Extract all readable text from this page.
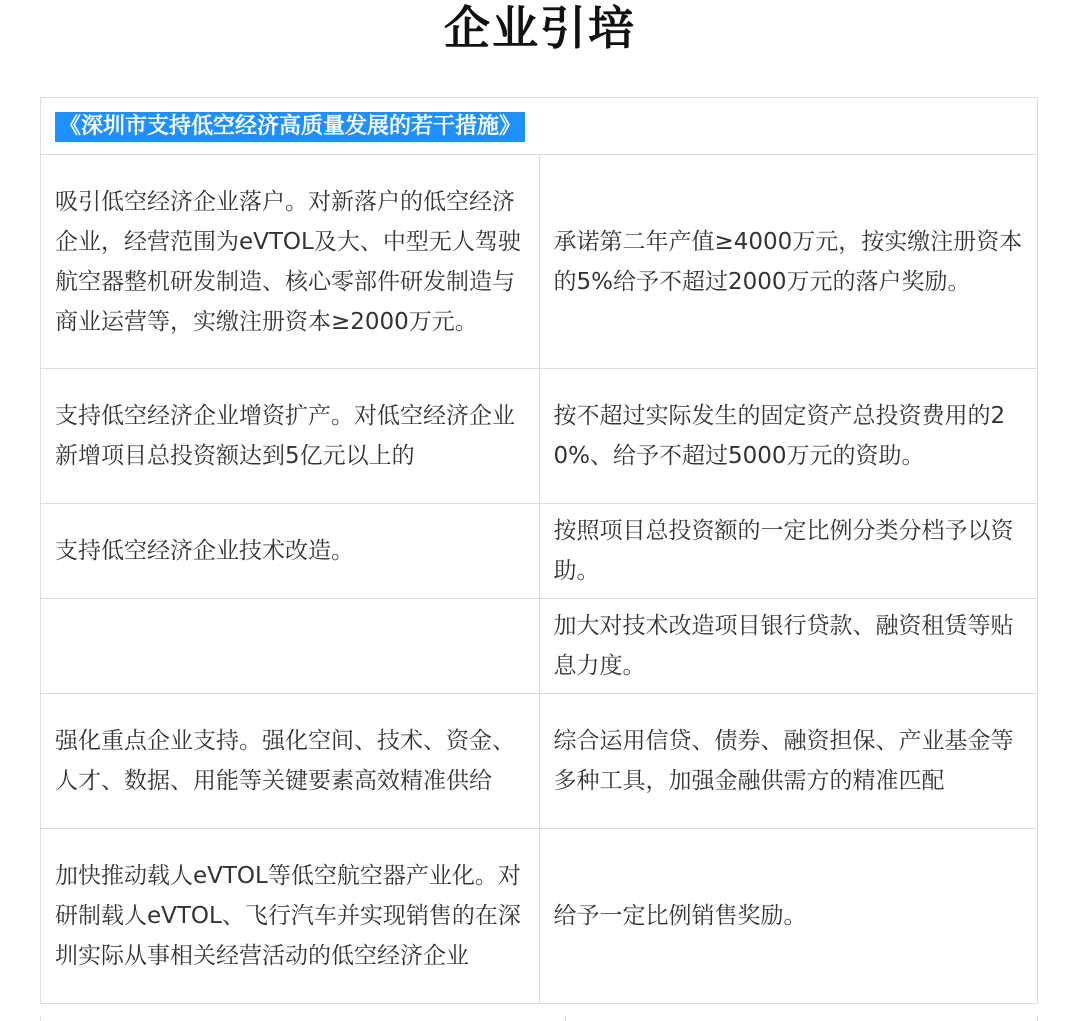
企业引培
《深圳市支持低空经济高质量发展的若干措施》	
吸引低空经济企业落户。对新落户的低空经济企业，经营范围为eVTOL及大、中型无人驾驶航空器整机研发制造、核心零部件研发制造与商业运营等，实缴注册资本≥2000万元。	承诺第二年产值≥4000万元，按实缴注册资本的5%给予不超过2000万元的落户奖励。
支持低空经济企业增资扩产。对低空经济企业新增项目总投资额达到5亿元以上的	按不超过实际发生的固定资产总投资费用的20%、给予不超过5000万元的资助。
支持低空经济企业技术改造。	按照项目总投资额的一定比例分类分档予以资助。
	加大对技术改造项目银行贷款、融资租赁等贴息力度。
强化重点企业支持。强化空间、技术、资金、人才、数据、用能等关键要素高效精准供给	综合运用信贷、债券、融资担保、产业基金等多种工具，加强金融供需方的精准匹配
加快推动载人eVTOL等低空航空器产业化。对研制载人eVTOL、飞行汽车并实现销售的在深圳实际从事相关经营活动的低空经济企业	给予一定比例销售奖励。
